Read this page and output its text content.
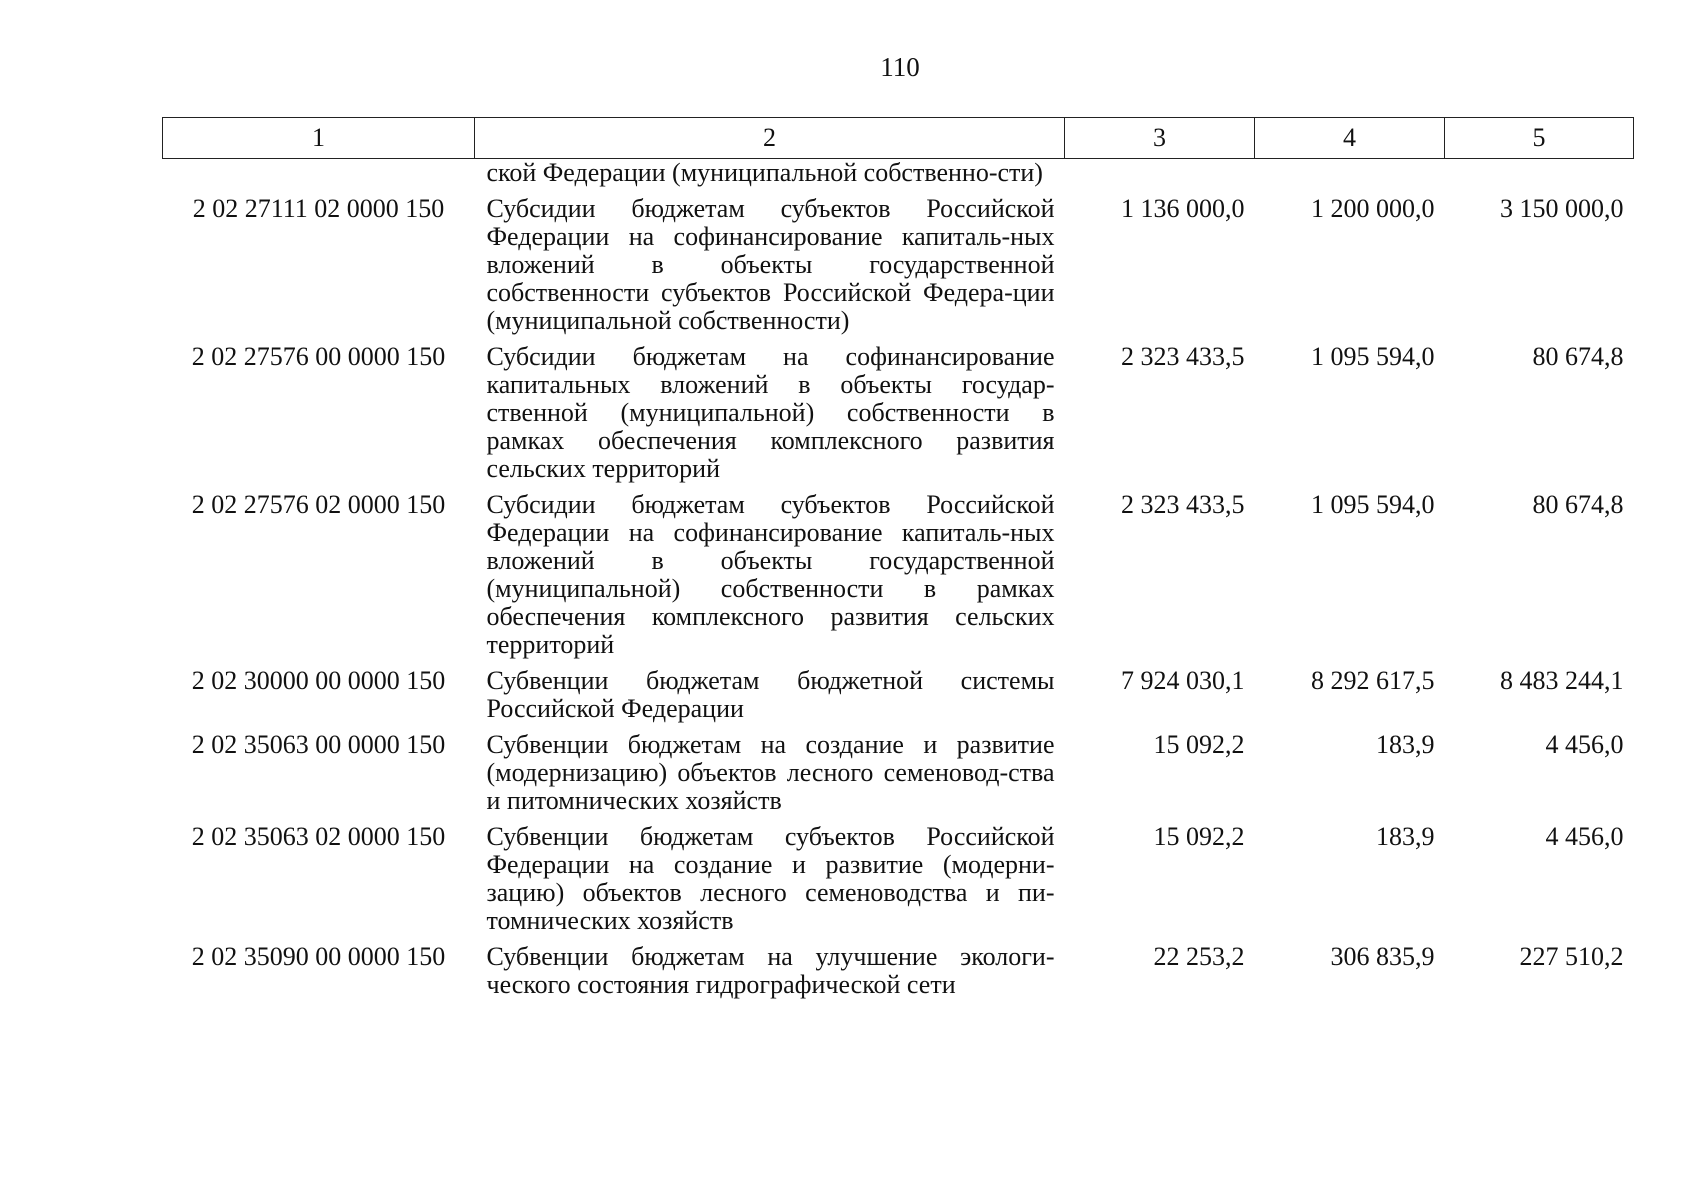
110
1	2	3	4	5
	ской Федерации (муниципальной собственно-сти)			
2 02 27111 02 0000 150	Субсидии бюджетам субъектов Российской Федерации на софинансирование капиталь-ных вложений в объекты государственной собственности субъектов Российской Федера-ции (муниципальной собственности)	1 136 000,0	1 200 000,0	3 150 000,0
2 02 27576 00 0000 150	Субсидии бюджетам на софинансирование капитальных вложений в объекты государ-ственной (муниципальной) собственности в рамках обеспечения комплексного развития сельских территорий	2 323 433,5	1 095 594,0	80 674,8
2 02 27576 02 0000 150	Субсидии бюджетам субъектов Российской Федерации на софинансирование капиталь-ных вложений в объекты государственной (муниципальной) собственности в рамках обеспечения комплексного развития сельских территорий	2 323 433,5	1 095 594,0	80 674,8
2 02 30000 00 0000 150	Субвенции бюджетам бюджетной системы Российской Федерации	7 924 030,1	8 292 617,5	8 483 244,1
2 02 35063 00 0000 150	Субвенции бюджетам на создание и развитие (модернизацию) объектов лесного семеновод-ства и питомнических хозяйств	15 092,2	183,9	4 456,0
2 02 35063 02 0000 150	Субвенции бюджетам субъектов Российской Федерации на создание и развитие (модерни-зацию) объектов лесного семеноводства и пи-томнических хозяйств	15 092,2	183,9	4 456,0
2 02 35090 00 0000 150	Субвенции бюджетам на улучшение экологи-ческого состояния гидрографической сети	22 253,2	306 835,9	227 510,2
